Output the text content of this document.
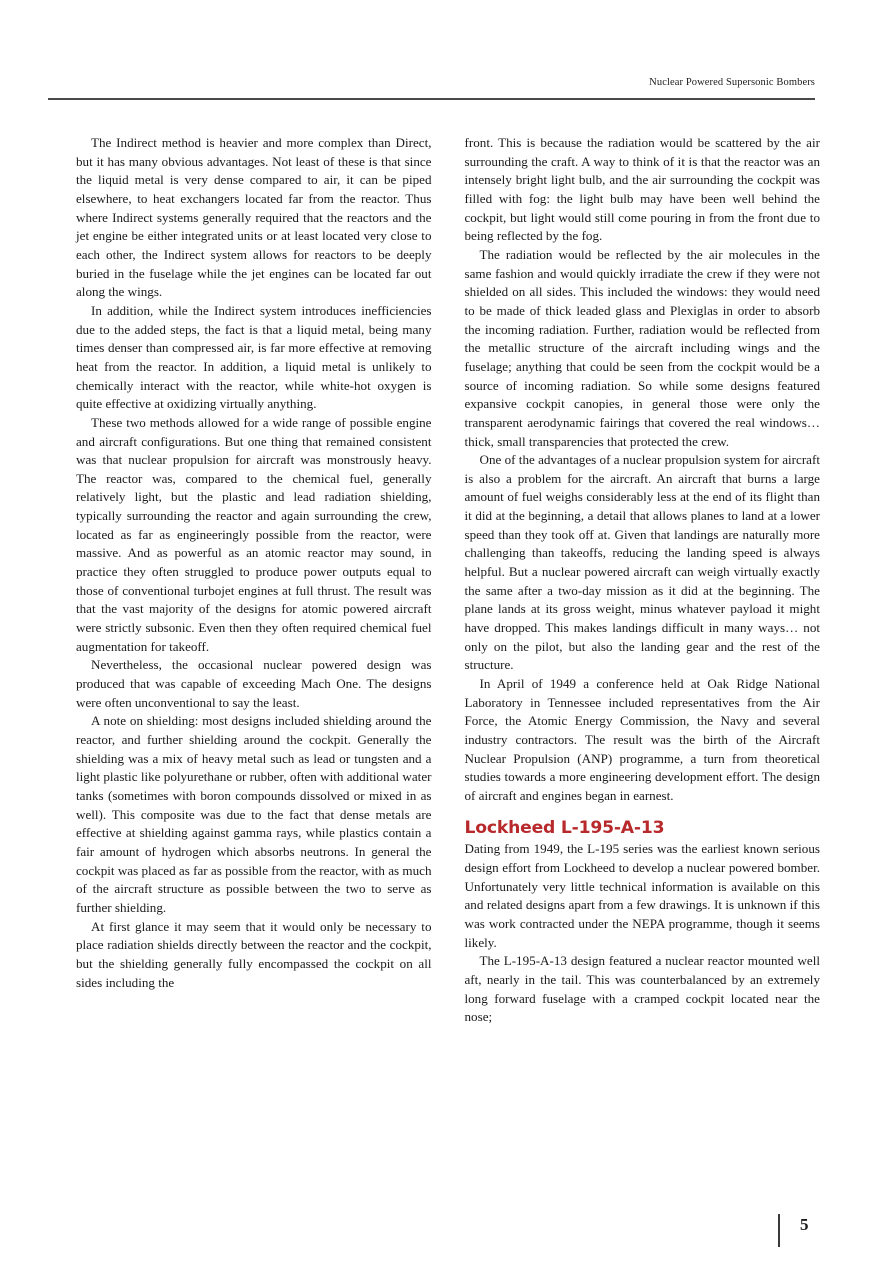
Nuclear Powered Supersonic Bombers

The Indirect method is heavier and more complex than Direct, but it has many obvious advantages. Not least of these is that since the liquid metal is very dense compared to air, it can be piped elsewhere, to heat exchangers located far from the reactor. Thus where Indirect systems generally required that the reactors and the jet engine be either integrated units or at least located very close to each other, the Indirect system allows for reactors to be deeply buried in the fuselage while the jet engines can be located far out along the wings.

In addition, while the Indirect system introduces inefficiencies due to the added steps, the fact is that a liquid metal, being many times denser than compressed air, is far more effective at removing heat from the reactor. In addition, a liquid metal is unlikely to chemically interact with the reactor, while white-hot oxygen is quite effective at oxidizing virtually anything.

These two methods allowed for a wide range of possible engine and aircraft configurations. But one thing that remained consistent was that nuclear propulsion for aircraft was monstrously heavy. The reactor was, compared to the chemical fuel, generally relatively light, but the plastic and lead radiation shielding, typically surrounding the reactor and again surrounding the crew, located as far as engineeringly possible from the reactor, were massive. And as powerful as an atomic reactor may sound, in practice they often struggled to produce power outputs equal to those of conventional turbojet engines at full thrust. The result was that the vast majority of the designs for atomic powered aircraft were strictly subsonic. Even then they often required chemical fuel augmentation for takeoff.

Nevertheless, the occasional nuclear powered design was produced that was capable of exceeding Mach One. The designs were often unconventional to say the least.

A note on shielding: most designs included shielding around the reactor, and further shielding around the cockpit. Generally the shielding was a mix of heavy metal such as lead or tungsten and a light plastic like polyurethane or rubber, often with additional water tanks (sometimes with boron compounds dissolved or mixed in as well). This composite was due to the fact that dense metals are effective at shielding against gamma rays, while plastics contain a fair amount of hydrogen which absorbs neutrons. In general the cockpit was placed as far as possible from the reactor, with as much of the aircraft structure as possible between the two to serve as further shielding.

At first glance it may seem that it would only be necessary to place radiation shields directly between the reactor and the cockpit, but the shielding generally fully encompassed the cockpit on all sides including the

front. This is because the radiation would be scattered by the air surrounding the craft. A way to think of it is that the reactor was an intensely bright light bulb, and the air surrounding the cockpit was filled with fog: the light bulb may have been well behind the cockpit, but light would still come pouring in from the front due to being reflected by the fog.

The radiation would be reflected by the air molecules in the same fashion and would quickly irradiate the crew if they were not shielded on all sides. This included the windows: they would need to be made of thick leaded glass and Plexiglas in order to absorb the incoming radiation. Further, radiation would be reflected from the metallic structure of the aircraft including wings and the fuselage; anything that could be seen from the cockpit would be a source of incoming radiation. So while some designs featured expansive cockpit canopies, in general those were only the transparent aerodynamic fairings that covered the real windows… thick, small transparencies that protected the crew.

One of the advantages of a nuclear propulsion system for aircraft is also a problem for the aircraft. An aircraft that burns a large amount of fuel weighs considerably less at the end of its flight than it did at the beginning, a detail that allows planes to land at a lower speed than they took off at. Given that landings are naturally more challenging than takeoffs, reducing the landing speed is always helpful. But a nuclear powered aircraft can weigh virtually exactly the same after a two-day mission as it did at the beginning. The plane lands at its gross weight, minus whatever payload it might have dropped. This makes landings difficult in many ways… not only on the pilot, but also the landing gear and the rest of the structure.

In April of 1949 a conference held at Oak Ridge National Laboratory in Tennessee included representatives from the Air Force, the Atomic Energy Commission, the Navy and several industry contractors. The result was the birth of the Aircraft Nuclear Propulsion (ANP) programme, a turn from theoretical studies towards a more engineering development effort. The design of aircraft and engines began in earnest.

Lockheed L-195-A-13

Dating from 1949, the L-195 series was the earliest known serious design effort from Lockheed to develop a nuclear powered bomber. Unfortunately very little technical information is available on this and related designs apart from a few drawings. It is unknown if this was work contracted under the NEPA programme, though it seems likely.

The L-195-A-13 design featured a nuclear reactor mounted well aft, nearly in the tail. This was counterbalanced by an extremely long forward fuselage with a cramped cockpit located near the nose;

5
